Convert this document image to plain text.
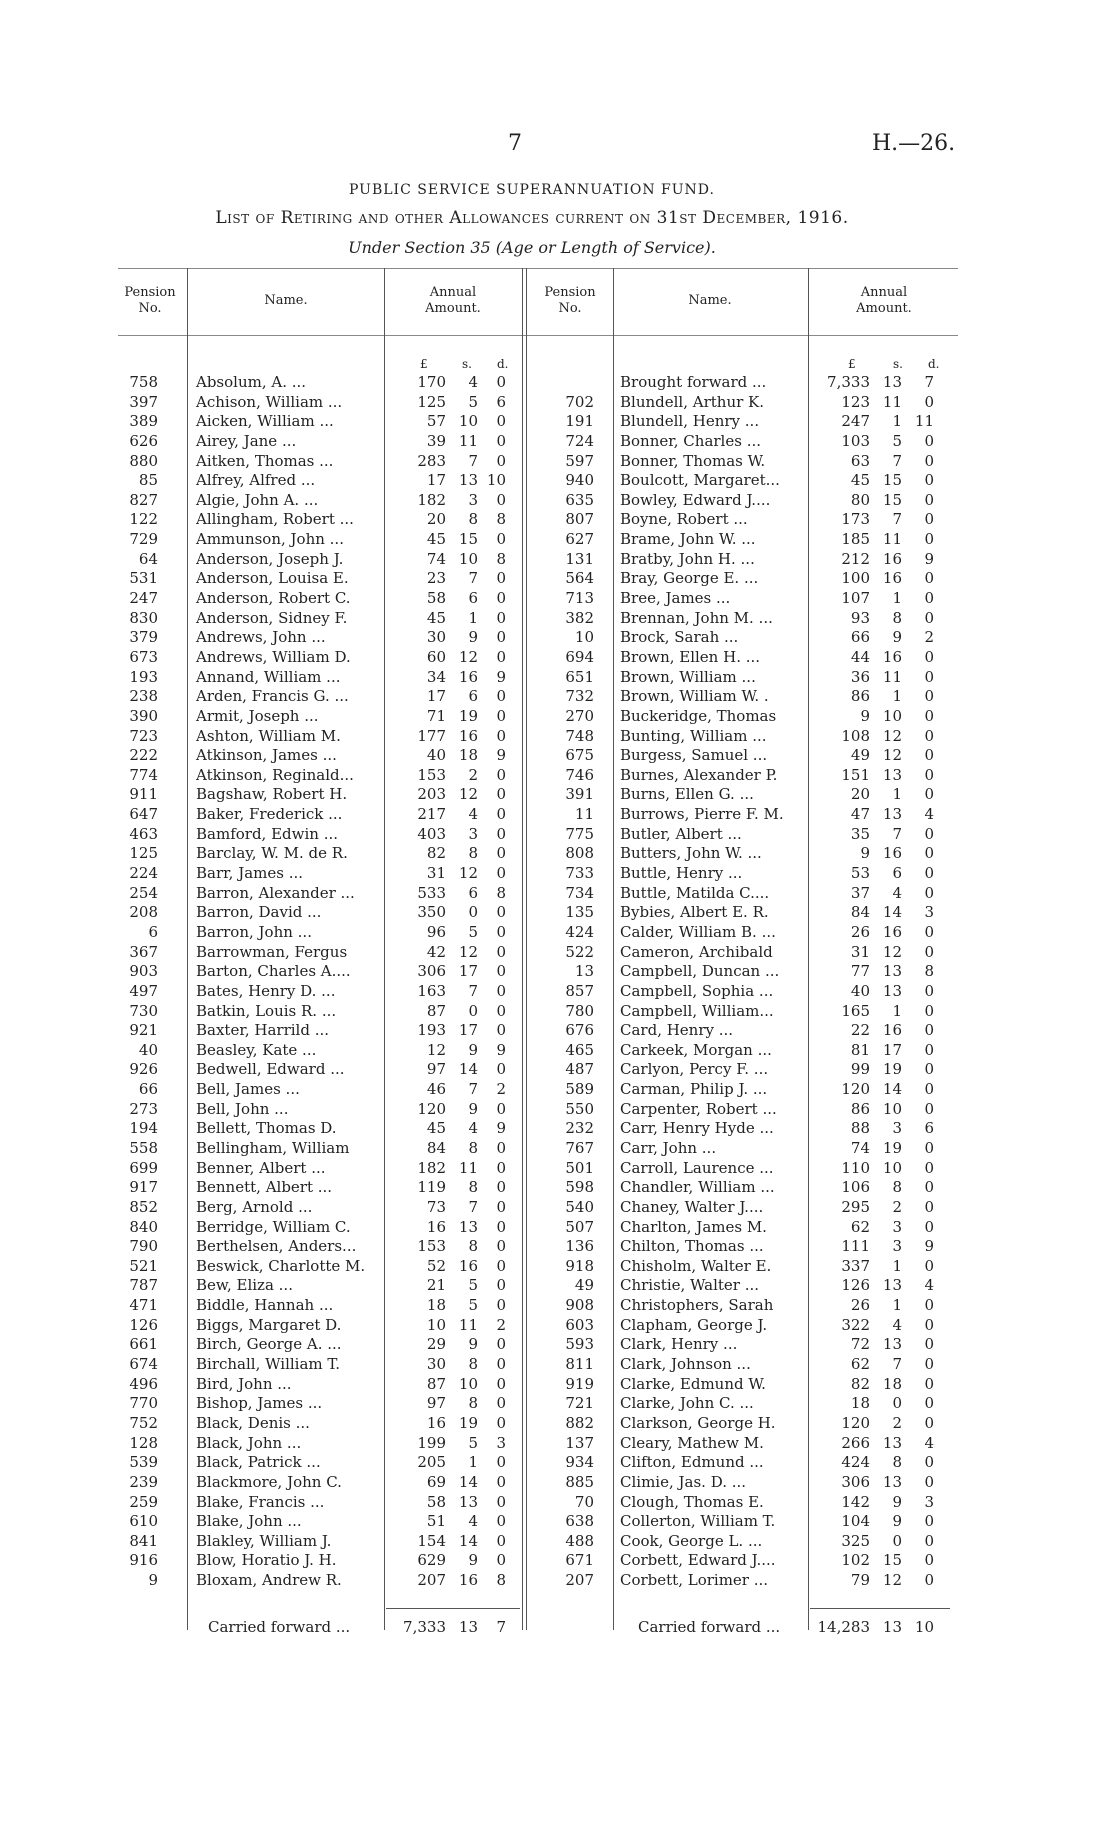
7	H.—26.
PUBLIC SERVICE SUPERANNUATION FUND.
List of Retiring and other Allowances current on 31st December, 1916.
Under Section 35 (Age or Length of Service).
Pension
No.
Name.
Annual
Amount.
Pension
No.
Name.
Annual
Amount.
£	s. d.	£	s. d.
758	Absolum, A. ...	170	4	0
397	Achison, William ...	125	5	6
389	Aicken, William ...	57 10	0
626	Airey, Jane ...	39 11	0
880	Aitken, Thomas ...	283	7	0
85	Alfrey, Alfred ...	17 13 10
827	Algie, John A. ...	182	3	0
122	Allingham, Robert ...	20	8	8
729	Ammunson, John ...	45 15	0
64	Anderson, Joseph J.	74 10	8
531	Anderson, Louisa E.	23	7	0
247	Anderson, Robert C.	58	6	0
830	Anderson, Sidney F.	45	1	0
379	Andrews, John ...	30	9	0
673	Andrews, William D.	60 12	0
193	Annand, William ...	34 16	9
238	Arden, Francis G. ...	17	6	0
390	Armit, Joseph ...	71 19	0
723	Ashton, William M.	177 16	0
222	Atkinson, James ...	40 18	9
774	Atkinson, Reginald...	153	2	0
911	Bagshaw, Robert H.	203 12	0
647	Baker, Frederick ...	217	4	0
463	Bamford, Edwin ...	403	3	0
125	Barclay, W. M. de R.	82	8	0
224	Barr, James ...	31 12	0
254	Barron, Alexander ...	533	6	8
208	Barron, David ...	350	0	0
6	Barron, John ...	96	5	0
367	Barrowman, Fergus	42 12	0
903	Barton, Charles A....	306 17	0
497	Bates, Henry D. ...	163	7	0
730	Batkin, Louis R. ...	87	0	0
921	Baxter, Harrild ...	193 17	0
40	Beasley, Kate ...	12	9	9
926	Bedwell, Edward ...	97 14	0
66	Bell, James ...	46	7	2
273	Bell, John ...	120	9	0
194	Bellett, Thomas D.	45	4	9
558	Bellingham, William	84	8	0
699	Benner, Albert ...	182 11	0
917	Bennett, Albert ...	119	8	0
852	Berg, Arnold ...	73	7	0
840	Berridge, William C.	16 13	0
790	Berthelsen, Anders...	153	8	0
521	Beswick, Charlotte M.	52 16	0
787	Bew, Eliza ...	21	5	0
471	Biddle, Hannah ...	18	5	0
126	Biggs, Margaret D.	10 11	2
661	Birch, George A. ...	29	9	0
674	Birchall, William T.	30	8	0
496	Bird, John ...	87 10	0
770	Bishop, James ...	97	8	0
752	Black, Denis ...	16 19	0
128	Black, John ...	199	5	3
539	Black, Patrick ...	205	1	0
239	Blackmore, John C.	69 14	0
259	Blake, Francis ...	58 13	0
610	Blake, John ...	51	4	0
841	Blakley, William J.	154 14	0
916	Blow, Horatio J. H.	629	9	0
9	Bloxam, Andrew R.	207 16	8
Brought forward ...	7,333 13	7
702 Blundell, Arthur K.	123 11	0
191 Blundell, Henry ...	247	1 11
724 Bonner, Charles ...	103	5	0
597 Bonner, Thomas W.	63	7	0
940 Boulcott, Margaret...	45 15	0
635 Bowley, Edward J....	80 15	0
807 Boyne, Robert ...	173	7	0
627 Brame, John W. ...	185 11	0
131 Bratby, John H. ...	212 16	9
564 Bray, George E. ...	100 16	0
713 Bree, James ...	107	1	0
382 Brennan, John M. ...	93	8	0
10 Brock, Sarah ...	66	9	2
694 Brown, Ellen H. ...	44 16	0
651 Brown, William ...	36 11	0
732 Brown, William W. .	86	1	0
270 Buckeridge, Thomas	9 10	0
748 Bunting, William ...	108 12	0
675 Burgess, Samuel ...	49 12	0
746 Burnes, Alexander P.	151 13	0
391 Burns, Ellen G. ...	20	1	0
11 Burrows, Pierre F. M.	47 13	4
775 Butler, Albert ...	35	7	0
808 Butters, John W. ...	9 16	0
733 Buttle, Henry ...	53	6	0
734 Buttle, Matilda C....	37	4	0
135 Bybies, Albert E. R.	84 14	3
424 Calder, William B. ...	26 16	0
522 Cameron, Archibald	31 12	0
13 Campbell, Duncan ...	77 13	8
857 Campbell, Sophia ...	40 13	0
780 Campbell, William...	165	1	0
676 Card, Henry ...	22 16	0
465 Carkeek, Morgan ...	81 17	0
487 Carlyon, Percy F. ...	99 19	0
589 Carman, Philip J. ...	120 14	0
550 Carpenter, Robert ...	86 10	0
232 Carr, Henry Hyde ...	88	3	6
767 Carr, John ...	74 19	0
501 Carroll, Laurence ...	110 10	0
598 Chandler, William ...	106	8	0
540 Chaney, Walter J....	295	2	0
507 Charlton, James M.	62	3	0
136 Chilton, Thomas ...	111	3	9
918 Chisholm, Walter E.	337	1	0
49 Christie, Walter ...	126 13	4
908 Christophers, Sarah	26	1	0
603 Clapham, George J.	322	4	0
593 Clark, Henry ...	72 13	0
811 Clark, Johnson ...	62	7	0
919 Clarke, Edmund W.	82 18	0
721 Clarke, John C. ...	18	0	0
882 Clarkson, George H.	120	2	0
137 Cleary, Mathew M.	266 13	4
934 Clifton, Edmund ...	424	8	0
885 Climie, Jas. D. ...	306 13	0
70 Clough, Thomas E.	142	9	3
638 Collerton, William T.	104	9	0
488 Cook, George L. ...	325	0	0
671 Corbett, Edward J....	102 15	0
207 Corbett, Lorimer ...	79 12	0
Carried forward ...	7,333 13	7	Carried forward ...	14,283 13 10
